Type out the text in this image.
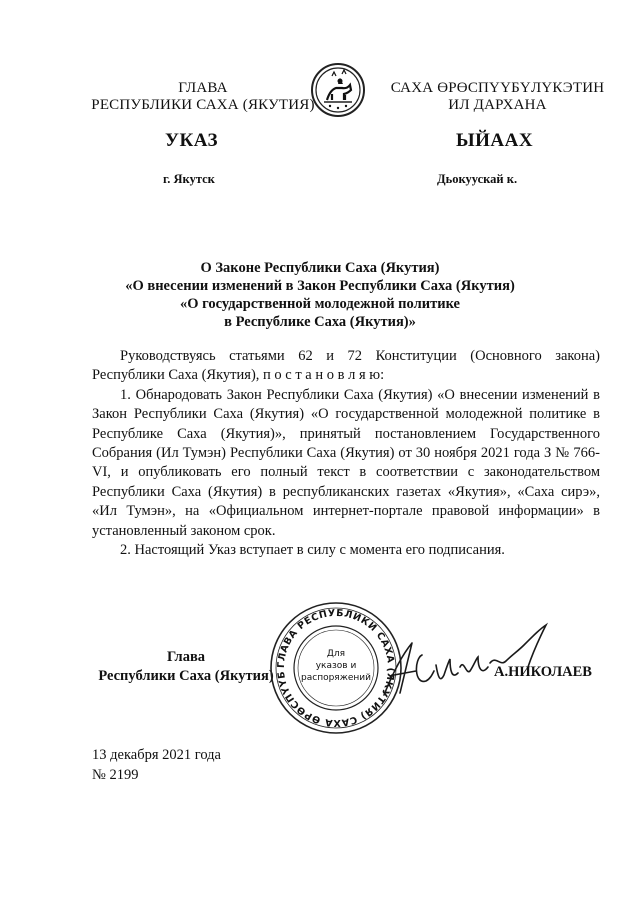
ГЛАВА
РЕСПУБЛИКИ САХА (ЯКУТИЯ)
САХА ӨРӨСПҮҮБҮЛҮКЭТИН
ИЛ ДАРХАНА
УКАЗ	ЫЙААХ
г. Якутск	Дьокуускай к.
О Законе Республики Саха (Якутия)
«О внесении изменений в Закон Республики Саха (Якутия)
«О государственной молодежной политике
в Республике Саха (Якутия)»

Руководствуясь статьями 62 и 72 Конституции (Основного закона) Республики Саха (Якутия), п о с т а н о в л я ю:

1. Обнародовать Закон Республики Саха (Якутия) «О внесении изменений в Закон Республики Саха (Якутия) «О государственной молодежной политике в Республике Саха (Якутия)», принятый постановлением Государственного Собрания (Ил Тумэн) Республики Саха (Якутия) от 30 ноября 2021 года З № 766-VI, и опубликовать его полный текст в соответствии с законодательством Республики Саха (Якутия) в республиканских газетах «Якутия», «Саха сирэ», «Ил Тумэн», на «Официальном интернет-портале правовой информации» в установленный законом срок.

2. Настоящий Указ вступает в силу с момента его подписания.

Глава
Республики Саха (Якутия)
ГЛАВА РЕСПУБЛИКИ САХА (ЯКУТИЯ) САХА ӨРӨСПҮҮБ
Для
указов и
распоряжений	А.НИКОЛАЕВ
13 декабря 2021 года
№ 2199
